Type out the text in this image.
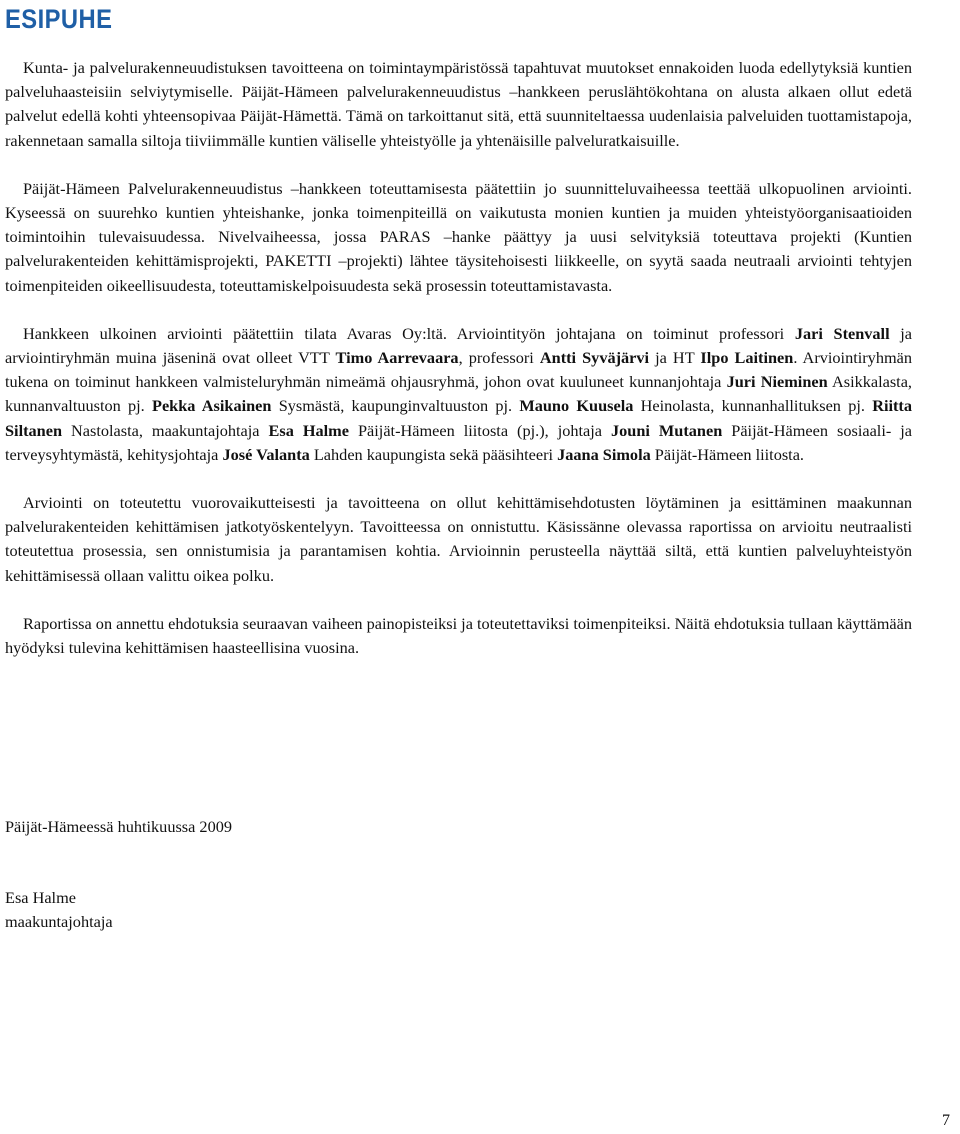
ESIPUHE

Kunta- ja palvelurakenneuudistuksen tavoitteena on toimintaympäristössä tapahtuvat muutokset ennakoiden luoda edellytyksiä kuntien palveluhaasteisiin selviytymiselle. Päijät-Hämeen palvelurakenneuudistus –hankkeen peruslähtökohtana on alusta alkaen ollut edetä palvelut edellä kohti yhteensopivaa Päijät-Hämettä. Tämä on tarkoittanut sitä, että suunniteltaessa uudenlaisia palveluiden tuottamistapoja, rakennetaan samalla siltoja tiiviimmälle kuntien väliselle yhteistyölle ja yhtenäisille palveluratkaisuille.

Päijät-Hämeen Palvelurakenneuudistus –hankkeen toteuttamisesta päätettiin jo suunnitteluvaiheessa teettää ulkopuolinen arviointi. Kyseessä on suurehko kuntien yhteishanke, jonka toimenpiteillä on vaikutusta monien kuntien ja muiden yhteistyöorganisaatioiden toimintoihin tulevaisuudessa. Nivelvaiheessa, jossa PARAS –hanke päättyy ja uusi selvityksiä toteuttava projekti (Kuntien palvelurakenteiden kehittämisprojekti, PAKETTI –projekti) lähtee täysitehoisesti liikkeelle, on syytä saada neutraali arviointi tehtyjen toimenpiteiden oikeellisuudesta, toteuttamiskelpoisuudesta sekä prosessin toteuttamistavasta.

Hankkeen ulkoinen arviointi päätettiin tilata Avaras Oy:ltä. Arviointityön johtajana on toiminut professori Jari Stenvall ja arviointiryhmän muina jäseninä ovat olleet VTT Timo Aarrevaara, professori Antti Syväjärvi ja HT Ilpo Laitinen. Arviointiryhmän tukena on toiminut hankkeen valmisteluryhmän nimeämä ohjausryhmä, johon ovat kuuluneet kunnanjohtaja Juri Nieminen Asikkalasta, kunnanvaltuuston pj. Pekka Asikainen Sysmästä, kaupunginvaltuuston pj. Mauno Kuusela Heinolasta, kunnanhallituksen pj. Riitta Siltanen Nastolasta, maakuntajohtaja Esa Halme Päijät-Hämeen liitosta (pj.), johtaja Jouni Mutanen Päijät-Hämeen sosiaali- ja terveysyhtymästä, kehitysjohtaja José Valanta Lahden kaupungista sekä pääsihteeri Jaana Simola Päijät-Hämeen liitosta.

Arviointi on toteutettu vuorovaikutteisesti ja tavoitteena on ollut kehittämisehdotusten löytäminen ja esittäminen maakunnan palvelurakenteiden kehittämisen jatkotyöskentelyyn. Tavoitteessa on onnistuttu. Käsissänne olevassa raportissa on arvioitu neutraalisti toteutettua prosessia, sen onnistumisia ja parantamisen kohtia. Arvioinnin perusteella näyttää siltä, että kuntien palveluyhteistyön kehittämisessä ollaan valittu oikea polku.

Raportissa on annettu ehdotuksia seuraavan vaiheen painopisteiksi ja toteutettaviksi toimenpiteiksi. Näitä ehdotuksia tullaan käyttämään hyödyksi tulevina kehittämisen haasteellisina vuosina.

Päijät-Hämeessä huhtikuussa 2009

Esa Halme

maakuntajohtaja

7
